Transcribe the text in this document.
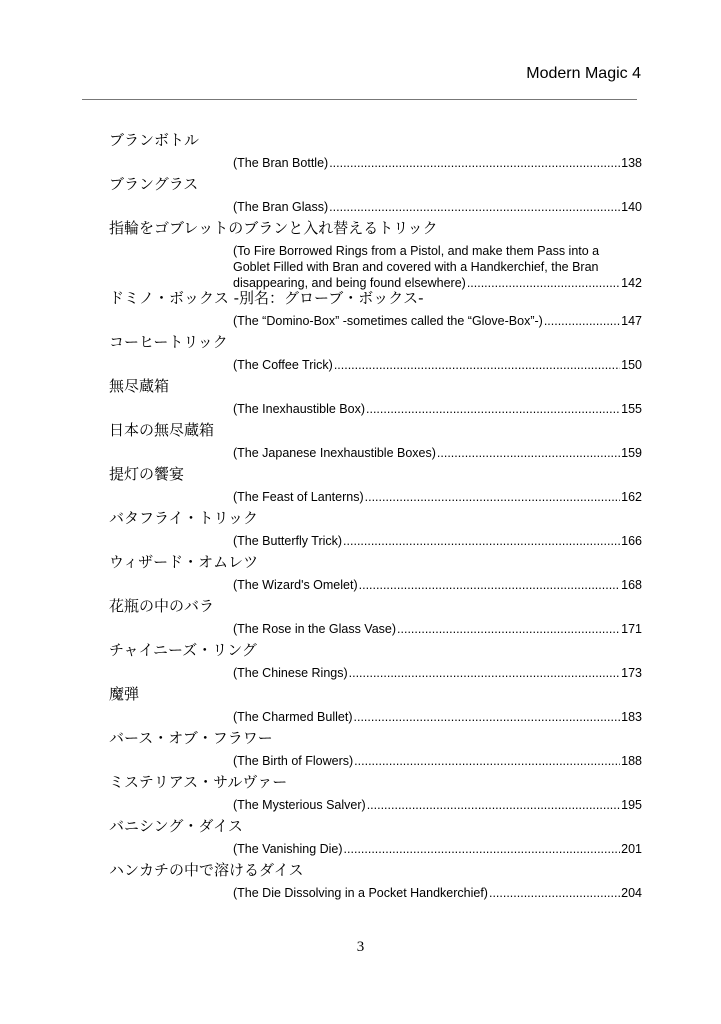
Modern Magic 4
ブランボトル
(The Bran Bottle) .....	138
ブラングラス
(The Bran Glass) .....	140
指輪をゴブレットのブランと入れ替えるトリック
(To Fire Borrowed Rings from a Pistol, and make them Pass into a
Goblet Filled with Bran and covered with a Handkerchief, the Bran
disappearing, and being found elsewhere) .....	142
ドミノ・ボックス -別名：グローブ・ボックス-
(The “Domino-Box” -sometimes called the “Glove-Box”-) .....	147
コーヒートリック
(The Coffee Trick) .....	150
無尽蔵箱
(The Inexhaustible Box) .....	155
日本の無尽蔵箱
(The Japanese Inexhaustible Boxes) .....	159
提灯の饗宴
(The Feast of Lanterns) .....	162
バタフライ・トリック
(The Butterfly Trick) .....	166
ウィザード・オムレツ
(The Wizard's Omelet) .....	168
花瓶の中のバラ
(The Rose in the Glass Vase) .....	171
チャイニーズ・リング
(The Chinese Rings) .....	173
魔弾
(The Charmed Bullet) .....	183
バース・オブ・フラワー
(The Birth of Flowers) .....	188
ミステリアス・サルヴァー
(The Mysterious Salver) .....	195
バニシング・ダイス
(The Vanishing Die) .....	201
ハンカチの中で溶けるダイス
(The Die Dissolving in a Pocket Handkerchief) .....	204
3
